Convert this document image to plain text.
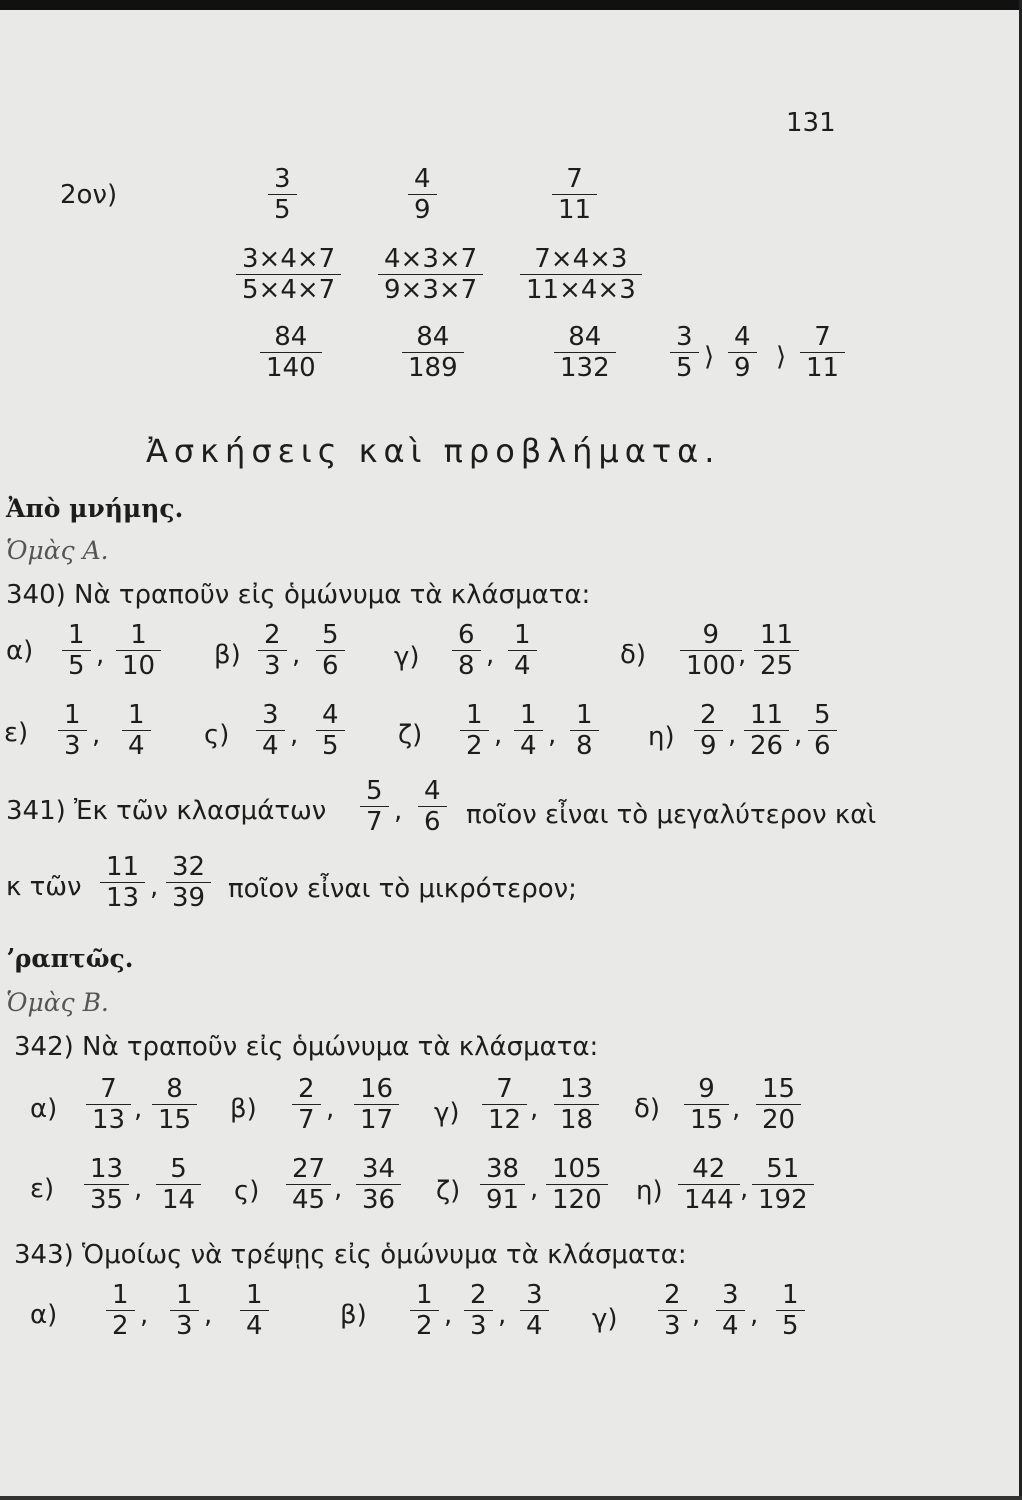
131
2ον)
3
5
4
9
7
11
3×4×7
5×4×7
4×3×7
9×3×7
7×4×3
11×4×3
84
140
84
189
84
132
3
5 ⟩
4
9 ⟩
7
11
Ἀσκήσεις καὶ προβλήματα.
Ἀπὸ μνήμης.
Ὁμὰς Α.
340) Νὰ τραποῦν εἰς ὁμώνυμα τὰ κλάσματα:
α)
1
5 ,
1
10 β)
2
3 ,
5
6 γ)
6
8 ,
1
4	δ)
9
100 ,
11
25
ε)
1
3 ,
1
4 ς)
3
4 ,
4
5 ζ)
1
2 ,
1
4 ,
1
8 η)
2
9 ,
11
26 ,
5
6
341) Ἐκ τῶν κλασμάτων
5
7 ,
4
6 ποῖον εἶναι τὸ μεγαλύτερον καὶ
κ τῶν
11
13 ,
32
39 ποῖον εἶναι τὸ μικρότερον;
ʼραπτῶς.
Ὁμὰς Β.
342) Νὰ τραποῦν εἰς ὁμώνυμα τὰ κλάσματα:
α)
7
13 ,
8
15 β)
2
7 ,
16
17 γ)
7
12 ,
13
18 δ)
9
15 ,
15
20
ε)
13
35 ,
5
14 ς)
27
45 ,
34
36 ζ)
38
91 ,
105
120 η)
42
144 ,
51
192
343) Ὁμοίως νὰ τρέψῃς εἰς ὁμώνυμα τὰ κλάσματα:
α)
1
2 ,
1
3 ,
1
4	β)
1
2 ,
2
3 ,
3
4 γ)
2
3 ,
3
4 ,
1
5
